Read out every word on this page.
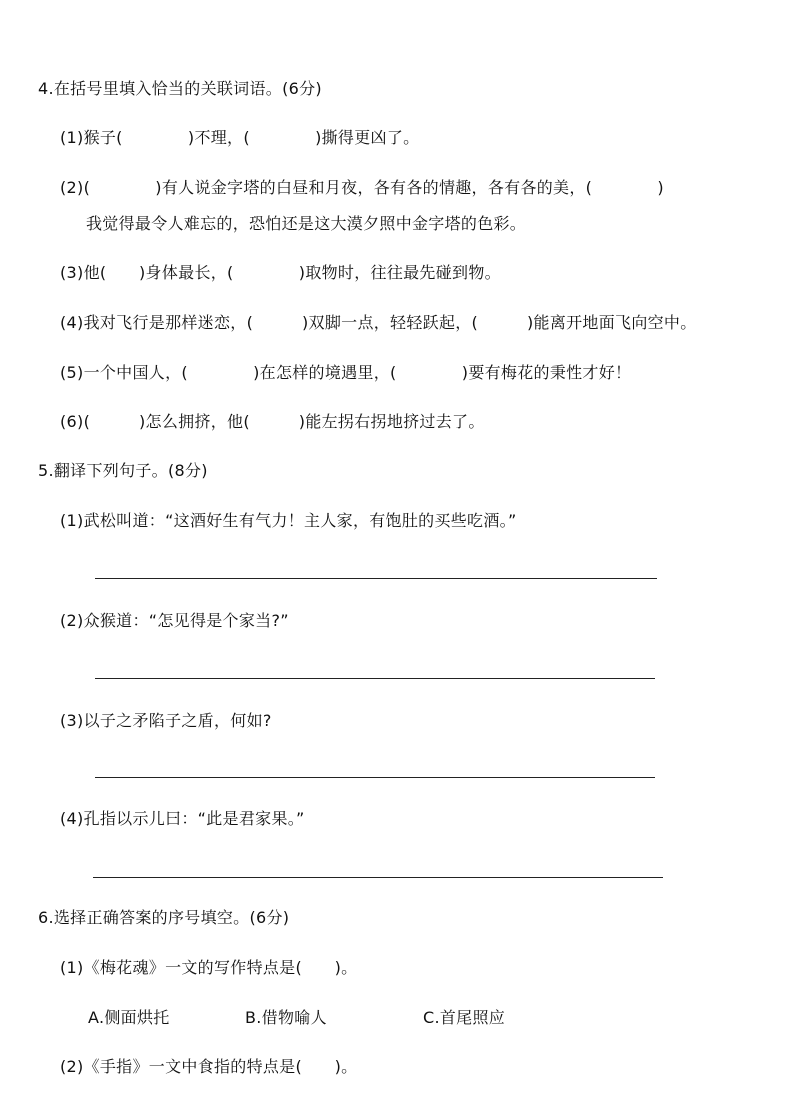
4.在括号里填入恰当的关联词语。(6分)
(1)猴子(　　　　)不理，(　　　　)撕得更凶了。
(2)(　　　　)有人说金字塔的白昼和月夜，各有各的情趣，各有各的美，(　　　　)
我觉得最令人难忘的，恐怕还是这大漠夕照中金字塔的色彩。
(3)他(　　)身体最长，(　　　　)取物时，往往最先碰到物。
(4)我对飞行是那样迷恋，(　　　)双脚一点，轻轻跃起，(　　　)能离开地面飞向空中。
(5)一个中国人，(　　　　)在怎样的境遇里，(　　　　)要有梅花的秉性才好！
(6)(　　　)怎么拥挤，他(　　　)能左拐右拐地挤过去了。
5.翻译下列句子。(8分)
(1)武松叫道：“这酒好生有气力！主人家，有饱肚的买些吃酒。”
(2)众猴道：“怎见得是个家当?”
(3)以子之矛陷子之盾，何如?
(4)孔指以示儿曰：“此是君家果。”
6.选择正确答案的序号填空。(6分)
(1)《梅花魂》一文的写作特点是(　　)。
A.侧面烘托	B.借物喻人	C.首尾照应
(2)《手指》一文中食指的特点是(　　)。
